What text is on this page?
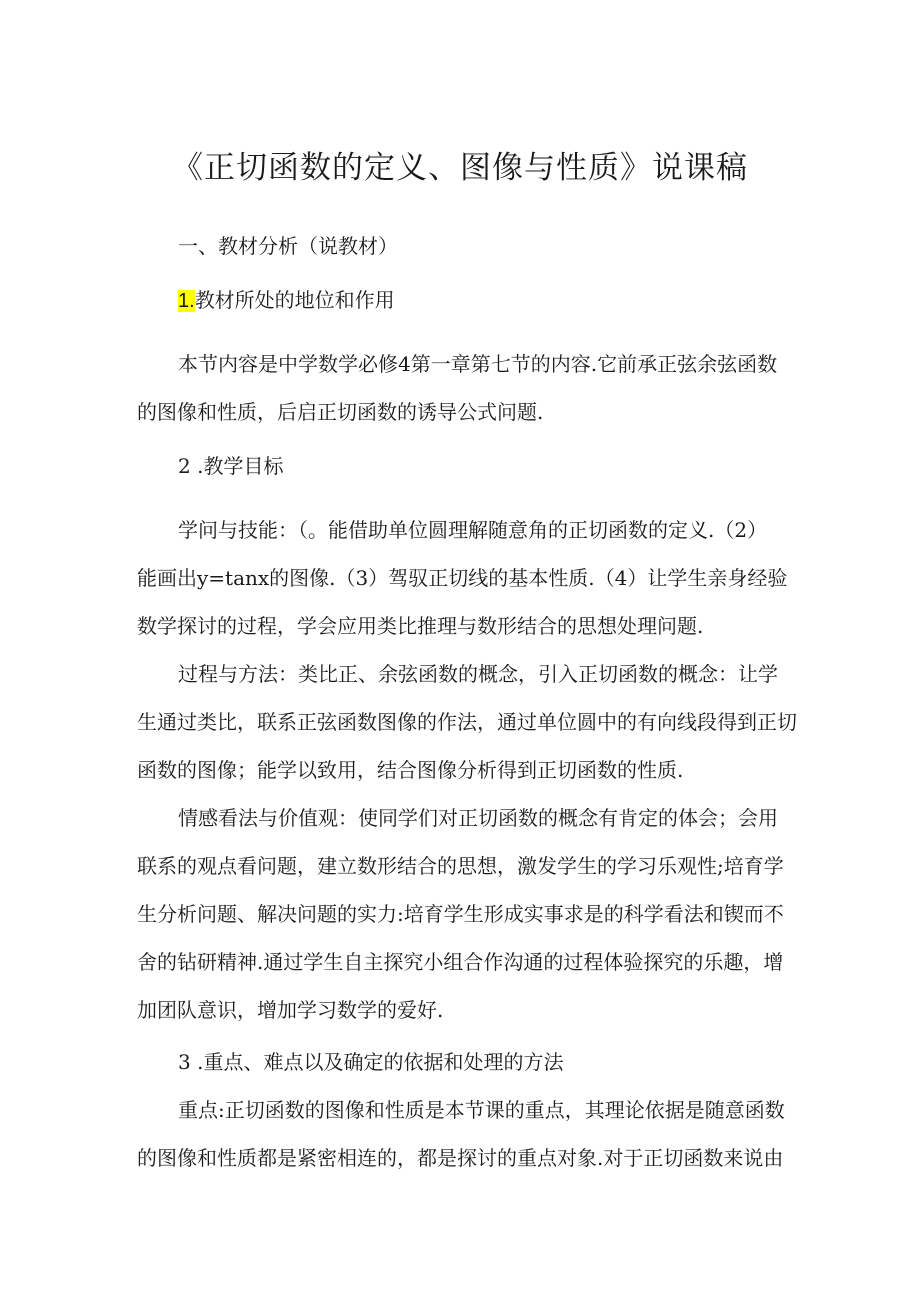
《正切函数的定义、图像与性质》说课稿
一、教材分析（说教材）
1.教材所处的地位和作用
本节内容是中学数学必修4第一章第七节的内容.它前承正弦余弦函数
的图像和性质，后启正切函数的诱导公式问题.
2 .教学目标
学问与技能：（。能借助单位圆理解随意角的正切函数的定义.（2）
能画出y=tanx的图像.（3）驾驭正切线的基本性质.（4）让学生亲身经验
数学探讨的过程，学会应用类比推理与数形结合的思想处理问题.
过程与方法：类比正、余弦函数的概念，引入正切函数的概念：让学
生通过类比，联系正弦函数图像的作法，通过单位圆中的有向线段得到正切
函数的图像；能学以致用，结合图像分析得到正切函数的性质.
情感看法与价值观：使同学们对正切函数的概念有肯定的体会；会用
联系的观点看问题，建立数形结合的思想，激发学生的学习乐观性;培育学
生分析问题、解决问题的实力:培育学生形成实事求是的科学看法和锲而不
舍的钻研精神.通过学生自主探究小组合作沟通的过程体验探究的乐趣，增
加团队意识，增加学习数学的爱好.
3 .重点、难点以及确定的依据和处理的方法
重点:正切函数的图像和性质是本节课的重点，其理论依据是随意函数
的图像和性质都是紧密相连的，都是探讨的重点对象.对于正切函数来说由
